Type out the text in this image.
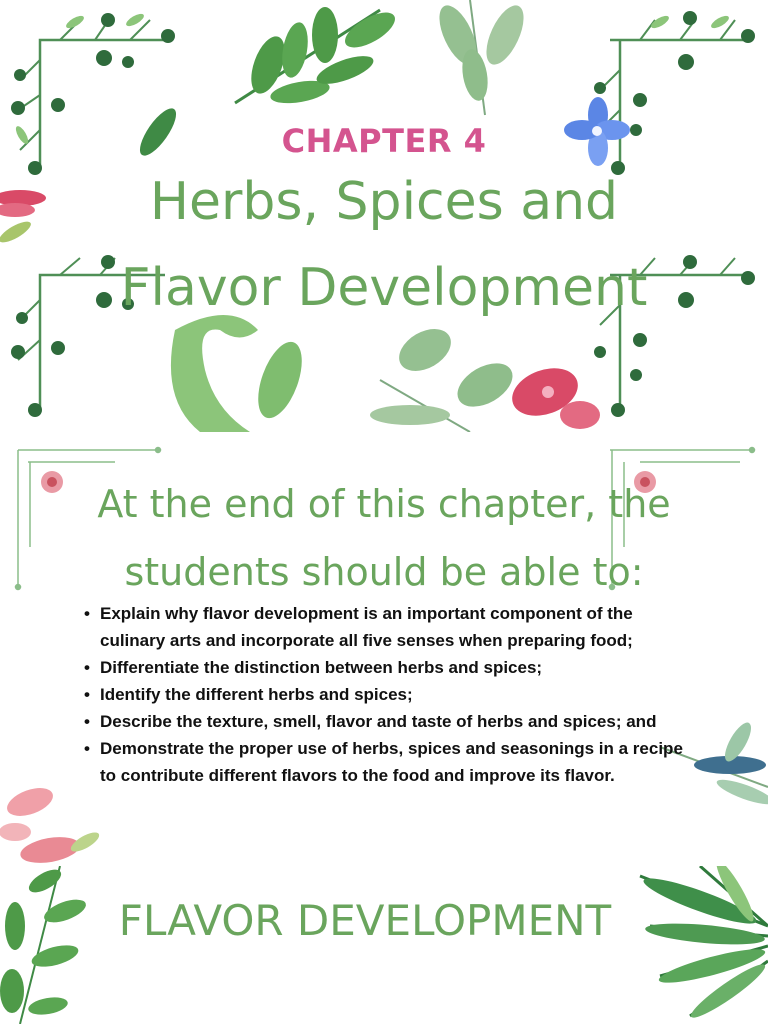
CHAPTER 4
Herbs, Spices and
Flavor Development
At the end of this chapter, the
students should be able to:
• Explain why flavor development is an important component of the culinary arts and incorporate all five senses when preparing food;
• Differentiate the distinction between herbs and spices;
• Identify the different herbs and spices;
• Describe the texture, smell, flavor and taste of herbs and spices; and
• Demonstrate the proper use of herbs, spices and seasonings in a recipe to contribute different flavors to the food and improve its flavor.
FLAVOR DEVELOPMENT
